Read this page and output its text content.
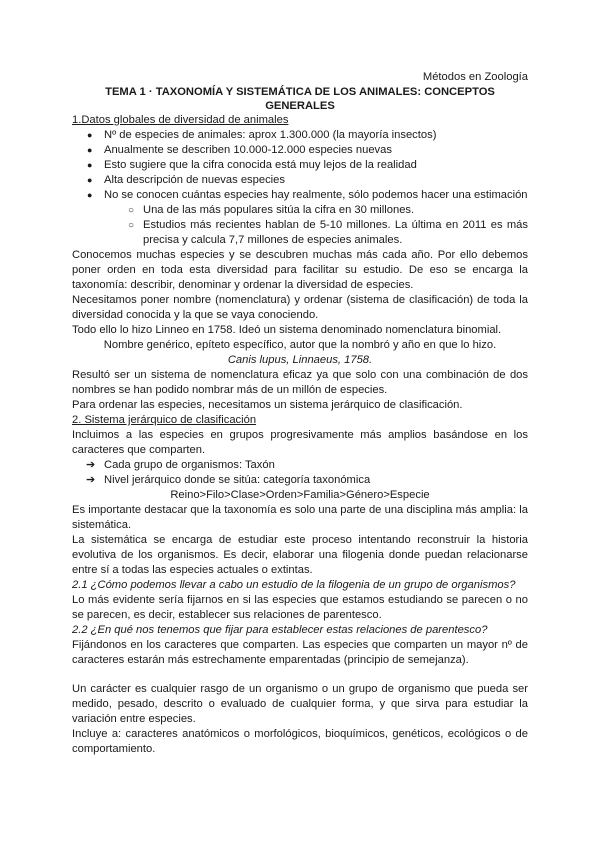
Métodos en Zoología

TEMA 1 · TAXONOMÍA Y SISTEMÁTICA DE LOS ANIMALES: CONCEPTOS

GENERALES

1.Datos globales de diversidad de animales
● Nº de especies de animales: aprox 1.300.000 (la mayoría insectos)
● Anualmente se describen 10.000-12.000 especies nuevas
● Esto sugiere que la cifra conocida está muy lejos de la realidad
● Alta descripción de nuevas especies
● No se conocen cuántas especies hay realmente, sólo podemos hacer una estimación
○ Una de las más populares sitúa la cifra en 30 millones.
○ Estudios más recientes hablan de 5-10 millones. La última en 2011 es más precisa y calcula 7,7 millones de especies animales.

Conocemos muchas especies y se descubren muchas más cada año. Por ello debemos poner orden en toda esta diversidad para facilitar su estudio. De eso se encarga la taxonomía: describir, denominar y ordenar la diversidad de especies.

Necesitamos poner nombre (nomenclatura) y ordenar (sistema de clasificación) de toda la diversidad conocida y la que se vaya conociendo.

Todo ello lo hizo Linneo en 1758. Ideó un sistema denominado nomenclatura binomial.

Nombre genérico, epíteto específico, autor que la nombró y año en que lo hizo.

Canis lupus, Linnaeus, 1758.

Resultó ser un sistema de nomenclatura eficaz ya que solo con una combinación de dos nombres se han podido nombrar más de un millón de especies.

Para ordenar las especies, necesitamos un sistema jerárquico de clasificación.

2. Sistema jerárquico de clasificación

Incluimos a las especies en grupos progresivamente más amplios basándose en los caracteres que comparten.

➔ Cada grupo de organismos: Taxón
➔ Nivel jerárquico donde se sitúa: categoría taxonómica

Reino>Filo>Clase>Orden>Familia>Género>Especie

Es importante destacar que la taxonomía es solo una parte de una disciplina más amplia: la sistemática.

La sistemática se encarga de estudiar este proceso intentando reconstruir la historia evolutiva de los organismos. Es decir, elaborar una filogenia donde puedan relacionarse entre sí a todas las especies actuales o extintas.

2.1 ¿Cómo podemos llevar a cabo un estudio de la filogenia de un grupo de organismos?

Lo más evidente sería fijarnos en si las especies que estamos estudiando se parecen o no se parecen, es decir, establecer sus relaciones de parentesco.

2.2 ¿En qué nos tenemos que fijar para establecer estas relaciones de parentesco?

Fijándonos en los caracteres que comparten. Las especies que comparten un mayor nº de caracteres estarán más estrechamente emparentadas (principio de semejanza).

Un carácter es cualquier rasgo de un organismo o un grupo de organismo que pueda ser medido, pesado, descrito o evaluado de cualquier forma, y que sirva para estudiar la variación entre especies.

Incluye a: caracteres anatómicos o morfológicos, bioquímicos, genéticos, ecológicos o de comportamiento.
